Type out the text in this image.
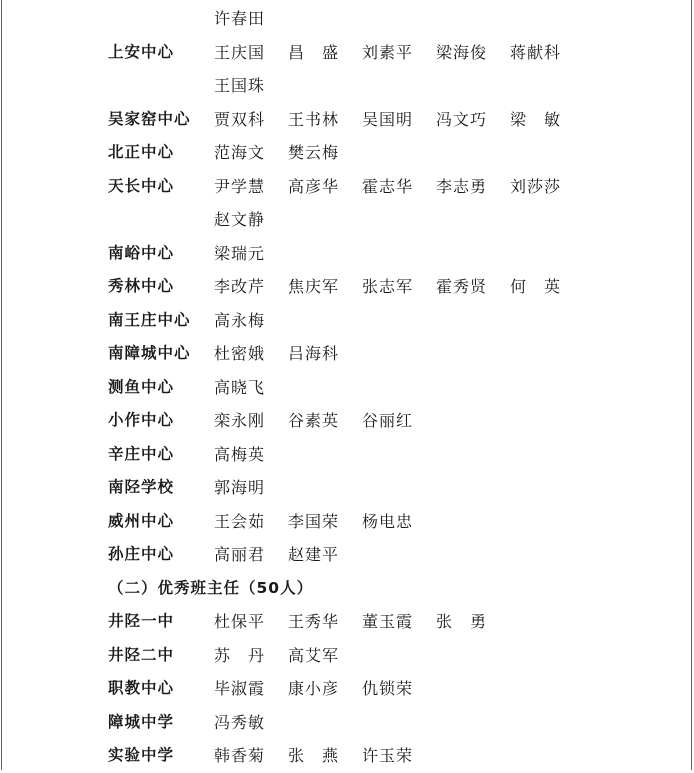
许春田
上安中心 王庆国	昌　盛	刘素平	梁海俊	蒋献科
王国珠
吴家窑中心 贾双科	王书林	吴国明	冯文巧	梁　敏
北正中心 范海文	樊云梅
天长中心 尹学慧	高彦华	霍志华	李志勇	刘莎莎
赵文静
南峪中心 梁瑞元
秀林中心 李改芹	焦庆军	张志军	霍秀贤	何　英
南王庄中心 高永梅
南障城中心 杜密娥	吕海科
测鱼中心 高晓飞
小作中心 栾永刚	谷素英	谷丽红
辛庄中心 高梅英
南陉学校 郭海明
威州中心 王会茹	李国荣	杨电忠
孙庄中心 高丽君	赵建平
（二）优秀班主任（50人）
井陉一中 杜保平	王秀华	董玉霞	张　勇
井陉二中 苏　丹	高艾军
职教中心 毕淑霞	康小彦	仇锁荣
障城中学 冯秀敏
实验中学 韩香菊	张　燕	许玉荣
